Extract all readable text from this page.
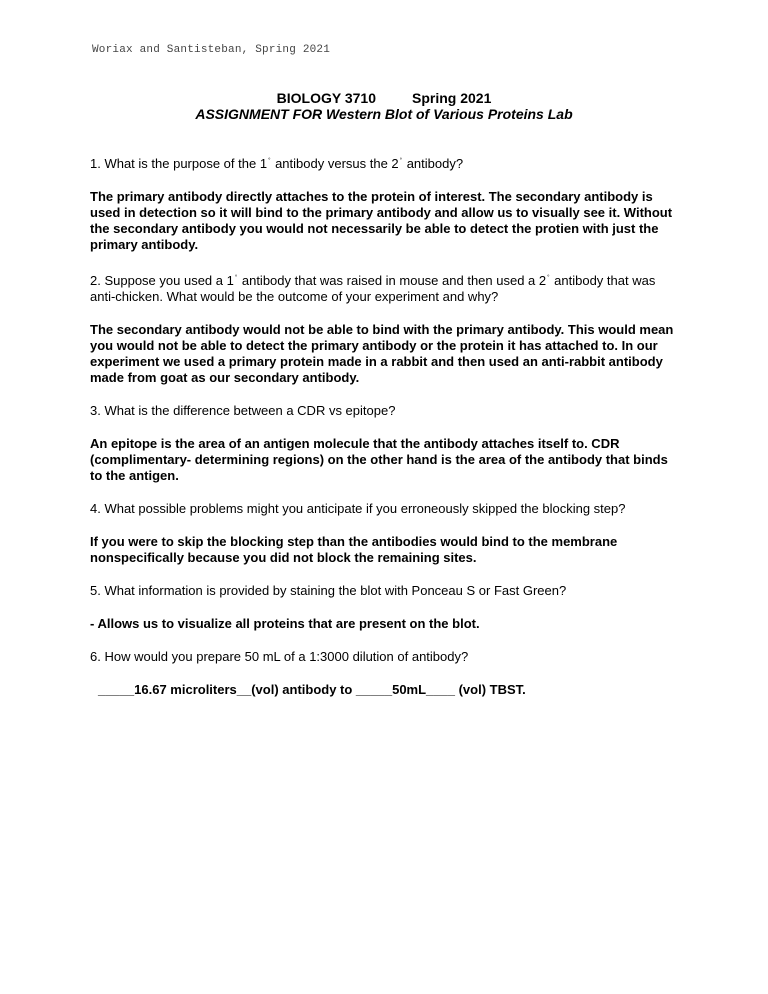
Woriax and Santisteban, Spring 2021
BIOLOGY 3710	Spring 2021
ASSIGNMENT FOR Western Blot of Various Proteins Lab

1. What is the purpose of the 1° antibody versus the 2° antibody?

The primary antibody directly attaches to the protein of interest. The secondary antibody is used in detection so it will bind to the primary antibody and allow us to visually see it. Without the secondary antibody you would not necessarily be able to detect the protien with just the primary antibody.

2. Suppose you used a 1° antibody that was raised in mouse and then used a 2° antibody that was anti-chicken. What would be the outcome of your experiment and why?

The secondary antibody would not be able to bind with the primary antibody. This would mean you would not be able to detect the primary antibody or the protein it has attached to. In our experiment we used a primary protein made in a rabbit and then used an anti-rabbit antibody made from goat as our secondary antibody.

3. What is the difference between a CDR vs epitope?

An epitope is the area of an antigen molecule that the antibody attaches itself to. CDR (complimentary- determining regions) on the other hand is the area of the antibody that binds to the antigen.

4. What possible problems might you anticipate if you erroneously skipped the blocking step?

If you were to skip the blocking step than the antibodies would bind to the membrane nonspecifically because you did not block the remaining sites.

5. What information is provided by staining the blot with Ponceau S or Fast Green?

- Allows us to visualize all proteins that are present on the blot.

6. How would you prepare 50 mL of a 1:3000 dilution of antibody?

_____16.67 microliters__(vol) antibody to _____50mL____ (vol) TBST.
